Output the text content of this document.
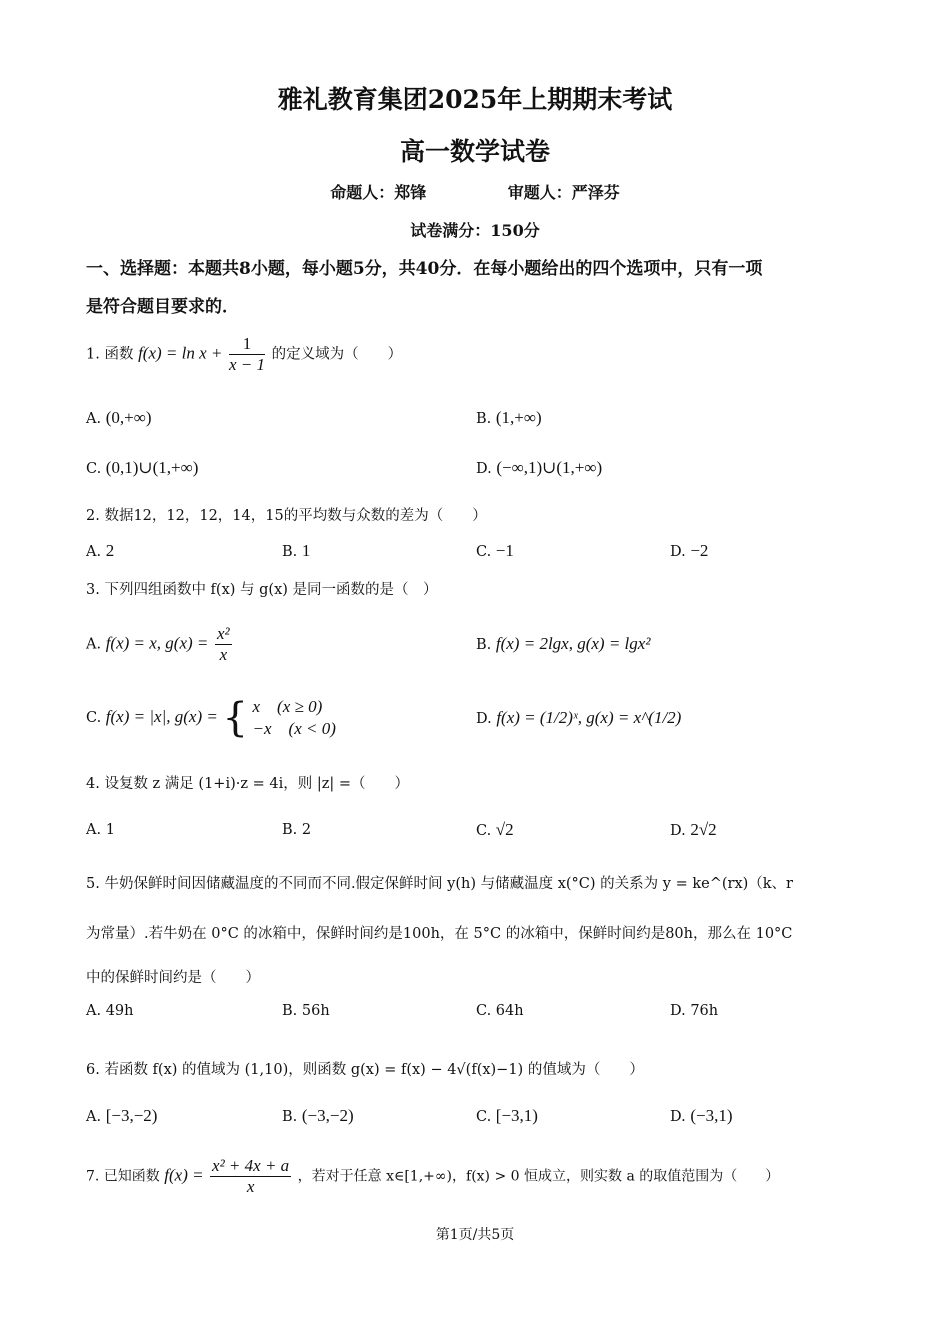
雅礼教育集团2025年上期期末考试
高一数学试卷
命题人：郑锋	审题人：严泽芬
试卷满分：150分
一、选择题：本题共8小题，每小题5分，共40分．在每小题给出的四个选项中，只有一项
是符合题目要求的．
1. 函数 $f(x) = \ln x + \frac{1}{x - 1}$ 的定义域为（　　）
A. (0,+∞)	B. (1,+∞)
C. (0,1)∪(1,+∞)	D. (−∞,1)∪(1,+∞)
2. 数据12，12，12，14，15的平均数与众数的差为（　　）
A. 2	B. 1	C. −1	D. −2
3. 下列四组函数中 f(x) 与 g(x) 是同一函数的是（　）
A. f(x) = x, $g(x) = \frac{\text{x²}}{x}$	B. f(x) = 2lgx, g(x) = lgx²
C. f(x) = |x|, g(x) = { x　(x ≥ 0)
−x　(x < 0)	D. f(x) = (1/2)ˣ, g(x) = x^(1/2)
4. 设复数 z 满足 (1+i)·z = 4i，则 |z| =（　　）
A. 1	B. 2	C. √2	D. 2√2
5. 牛奶保鲜时间因储藏温度的不同而不同.假定保鲜时间 y(h) 与储藏温度 x(°C) 的关系为 y = ke^(rx)（k、r
为常量）.若牛奶在 0°C 的冰箱中，保鲜时间约是100h，在 5°C 的冰箱中，保鲜时间约是80h，那么在 10°C
中的保鲜时间约是（　　）
A. 49h	B. 56h	C. 64h	D. 76h
6. 若函数 f(x) 的值域为 (1,10)，则函数 g(x) = f(x) − 4√(f(x)−1) 的值域为（　　）
A. [−3,−2)	B. (−3,−2)	C. [−3,1)	D. (−3,1)
7. 已知函数 $f(x) = \frac{\text{x² + 4x + a}}{x}$ ，若对于任意 x∈[1,+∞)，f(x) > 0 恒成立，则实数 a 的取值范围为（　　）
第1页/共5页
